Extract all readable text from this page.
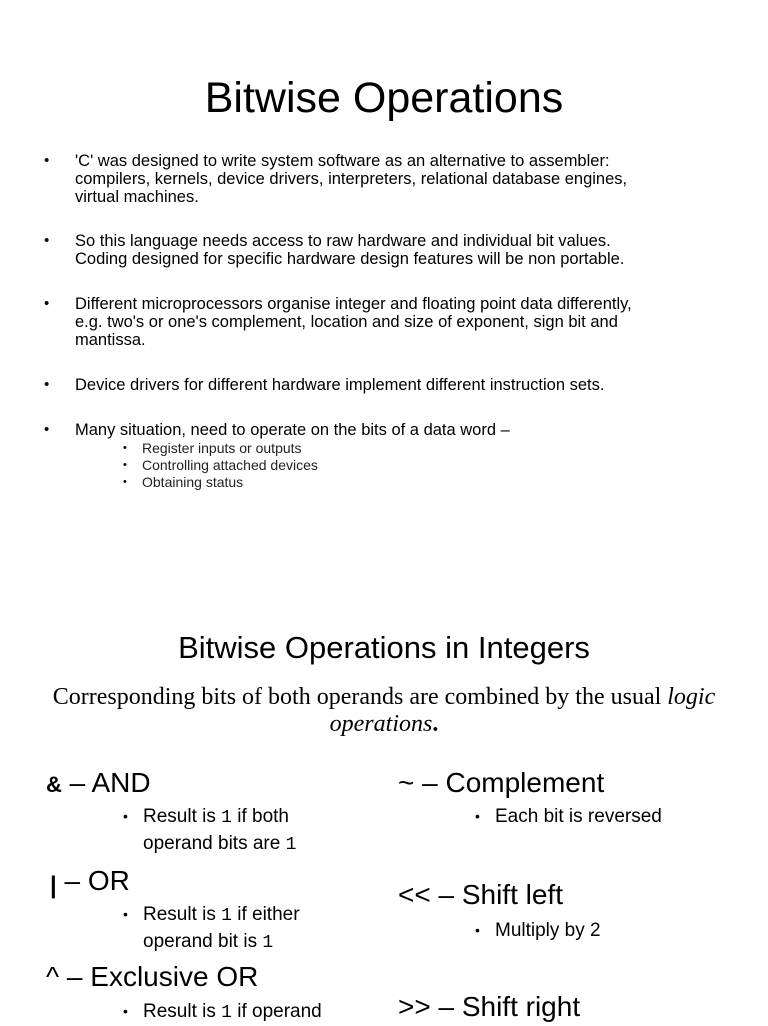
Bitwise Operations
• 'C' was designed to write system software as an alternative to assembler:
compilers, kernels, device drivers, interpreters, relational database engines,
virtual machines.
• So this language needs access to raw hardware and individual bit values.
Coding designed for specific hardware design features will be non portable.
• Different microprocessors organise integer and floating point data differently,
e.g. two's or one's complement, location and size of exponent, sign bit and
mantissa.
• Device drivers for different hardware implement different instruction sets.
• Many situation, need to operate on the bits of a data word –
• Register inputs or outputs
• Controlling attached devices
• Obtaining status
Bitwise Operations in Integers
Corresponding bits of both operands are combined by the usual logic operations.
& – AND
• Result is 1 if both
operand bits are 1
| – OR
• Result is 1 if either
operand bit is 1
^ – Exclusive OR
• Result is 1 if operand
~ – Complement
• Each bit is reversed
<< – Shift left
• Multiply by 2
>> – Shift right
